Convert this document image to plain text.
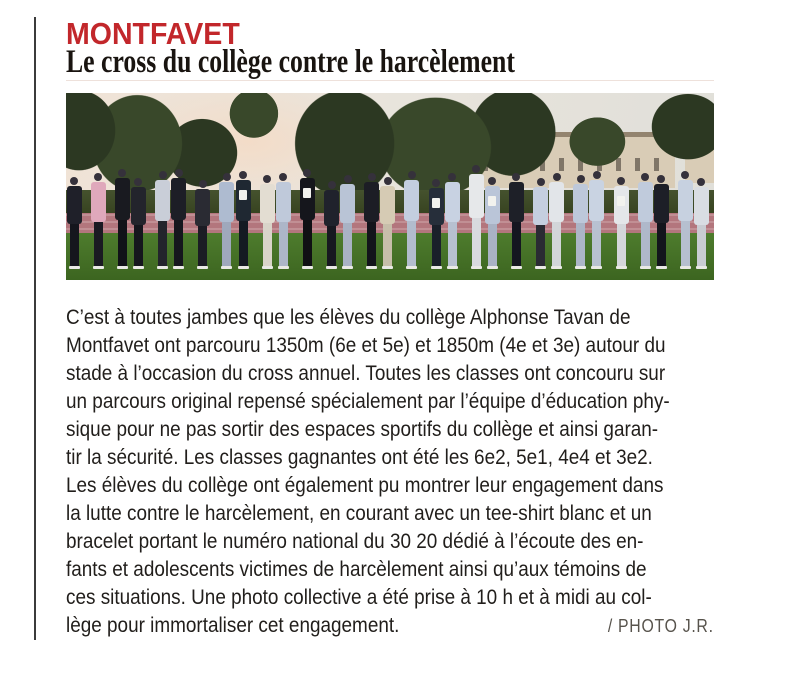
MONTFAVET
Le cross du collège contre le harcèlement
C’est à toutes jambes que les élèves du collège Alphonse Tavan de
Montfavet ont parcouru 1350m (6e et 5e) et 1850m (4e et 3e) autour du
stade à l’occasion du cross annuel. Toutes les classes ont concouru sur
un parcours original repensé spécialement par l’équipe d’éducation phy-
sique pour ne pas sortir des espaces sportifs du collège et ainsi garan-
tir la sécurité. Les classes gagnantes ont été les 6e2, 5e1, 4e4 et 3e2.
Les élèves du collège ont également pu montrer leur engagement dans
la lutte contre le harcèlement, en courant avec un tee-shirt blanc et un
bracelet portant le numéro national du 30 20 dédié à l’écoute des en-
fants et adolescents victimes de harcèlement ainsi qu’aux témoins de
ces situations. Une photo collective a été prise à 10 h et à midi au col-
lège pour immortaliser cet engagement.	/ PHOTO J.R.
